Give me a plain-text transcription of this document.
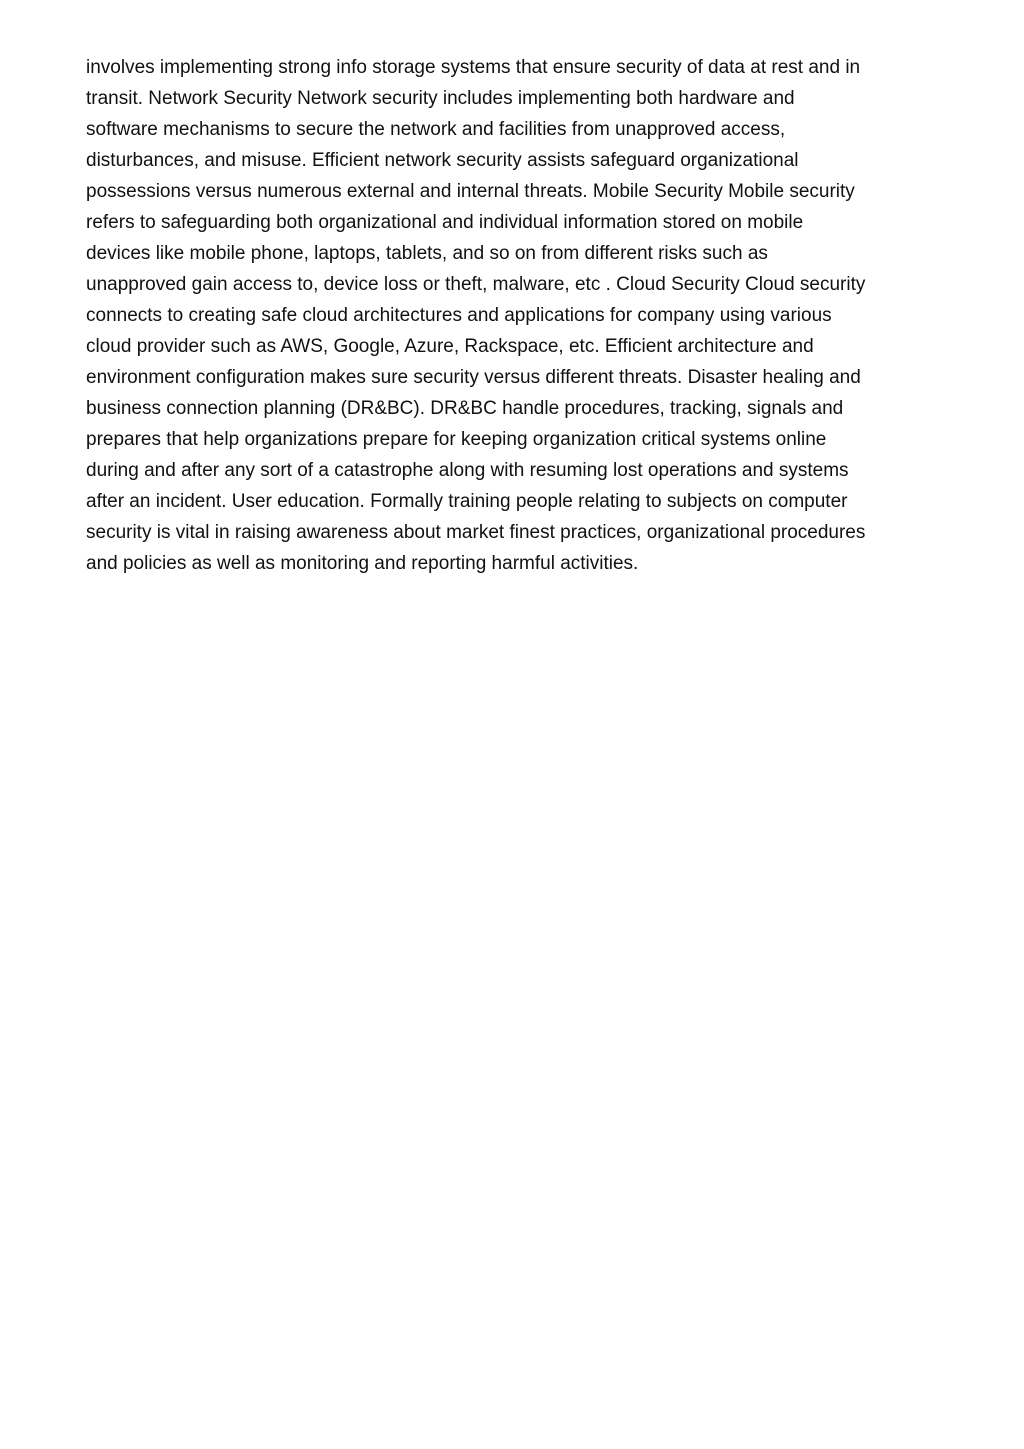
involves implementing strong info storage systems that ensure security of data at rest and in
transit. Network Security Network security includes implementing both hardware and
software mechanisms to secure the network and facilities from unapproved access,
disturbances, and misuse. Efficient network security assists safeguard organizational
possessions versus numerous external and internal threats. Mobile Security Mobile security
refers to safeguarding both organizational and individual information stored on mobile
devices like mobile phone, laptops, tablets, and so on from different risks such as
unapproved gain access to, device loss or theft, malware, etc . Cloud Security Cloud security
connects to creating safe cloud architectures and applications for company using various
cloud provider such as AWS, Google, Azure, Rackspace, etc. Efficient architecture and
environment configuration makes sure security versus different threats. Disaster healing and
business connection planning (DR&BC). DR&BC handle procedures, tracking, signals and
prepares that help organizations prepare for keeping organization critical systems online
during and after any sort of a catastrophe along with resuming lost operations and systems
after an incident. User education. Formally training people relating to subjects on computer
security is vital in raising awareness about market finest practices, organizational procedures
and policies as well as monitoring and reporting harmful activities.
